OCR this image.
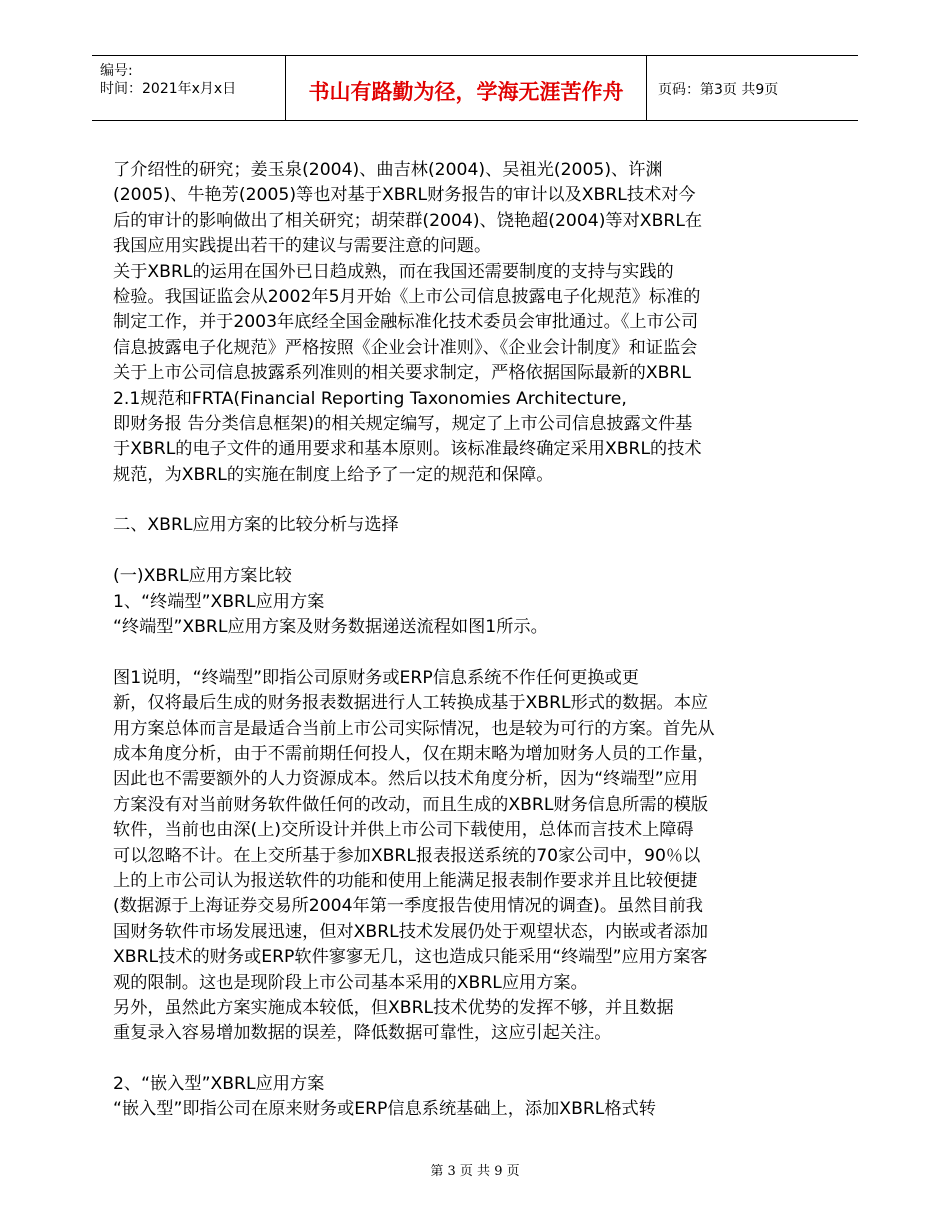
编号:
时间：2021年x月x日	书山有路勤为径，学海无涯苦作舟	页码：第3页 共9页
了介绍性的研究；姜玉泉(2004)、曲吉林(2004)、吴祖光(2005)、许渊
(2005)、牛艳芳(2005)等也对基于XBRL财务报告的审计以及XBRL技术对今
后的审计的影响做出了相关研究；胡荣群(2004)、饶艳超(2004)等对XBRL在
我国应用实践提出若干的建议与需要注意的问题。
关于XBRL的运用在国外已日趋成熟，而在我国还需要制度的支持与实践的
检验。我国证监会从2002年5月开始《上市公司信息披露电子化规范》标准的
制定工作，并于2003年底经全国金融标准化技术委员会审批通过。《上市公司
信息披露电子化规范》严格按照《企业会计准则》、《企业会计制度》和证监会
关于上市公司信息披露系列准则的相关要求制定，严格依据国际最新的XBRL
2.1规范和FRTA(Financial Reporting Taxonomies Architecture,
即财务报 告分类信息框架)的相关规定编写，规定了上市公司信息披露文件基
于XBRL的电子文件的通用要求和基本原则。该标准最终确定采用XBRL的技术
规范，为XBRL的实施在制度上给予了一定的规范和保障。
二、XBRL应用方案的比较分析与选择
(一)XBRL应用方案比较
1、“终端型”XBRL应用方案
“终端型”XBRL应用方案及财务数据递送流程如图1所示。
图1说明，“终端型”即指公司原财务或ERP信息系统不作任何更换或更
新，仅将最后生成的财务报表数据进行人工转换成基于XBRL形式的数据。本应
用方案总体而言是最适合当前上市公司实际情况，也是较为可行的方案。首先从
成本角度分析，由于不需前期任何投人，仅在期末略为增加财务人员的工作量，
因此也不需要额外的人力资源成本。然后以技术角度分析，因为“终端型”应用
方案没有对当前财务软件做任何的改动，而且生成的XBRL财务信息所需的模版
软件，当前也由深(上)交所设计并供上市公司下载使用，总体而言技术上障碍
可以忽略不计。在上交所基于参加XBRL报表报送系统的70家公司中，90％以
上的上市公司认为报送软件的功能和使用上能满足报表制作要求并且比较便捷
(数据源于上海证券交易所2004年第一季度报告使用情况的调查)。虽然目前我
国财务软件市场发展迅速，但对XBRL技术发展仍处于观望状态，内嵌或者添加
XBRL技术的财务或ERP软件寥寥无几，这也造成只能采用“终端型”应用方案客
观的限制。这也是现阶段上市公司基本采用的XBRL应用方案。
另外，虽然此方案实施成本较低，但XBRL技术优势的发挥不够，并且数据
重复录入容易增加数据的误差，降低数据可靠性，这应引起关注。
2、“嵌入型”XBRL应用方案
“嵌入型”即指公司在原来财务或ERP信息系统基础上，添加XBRL格式转
第 3 页 共 9 页
